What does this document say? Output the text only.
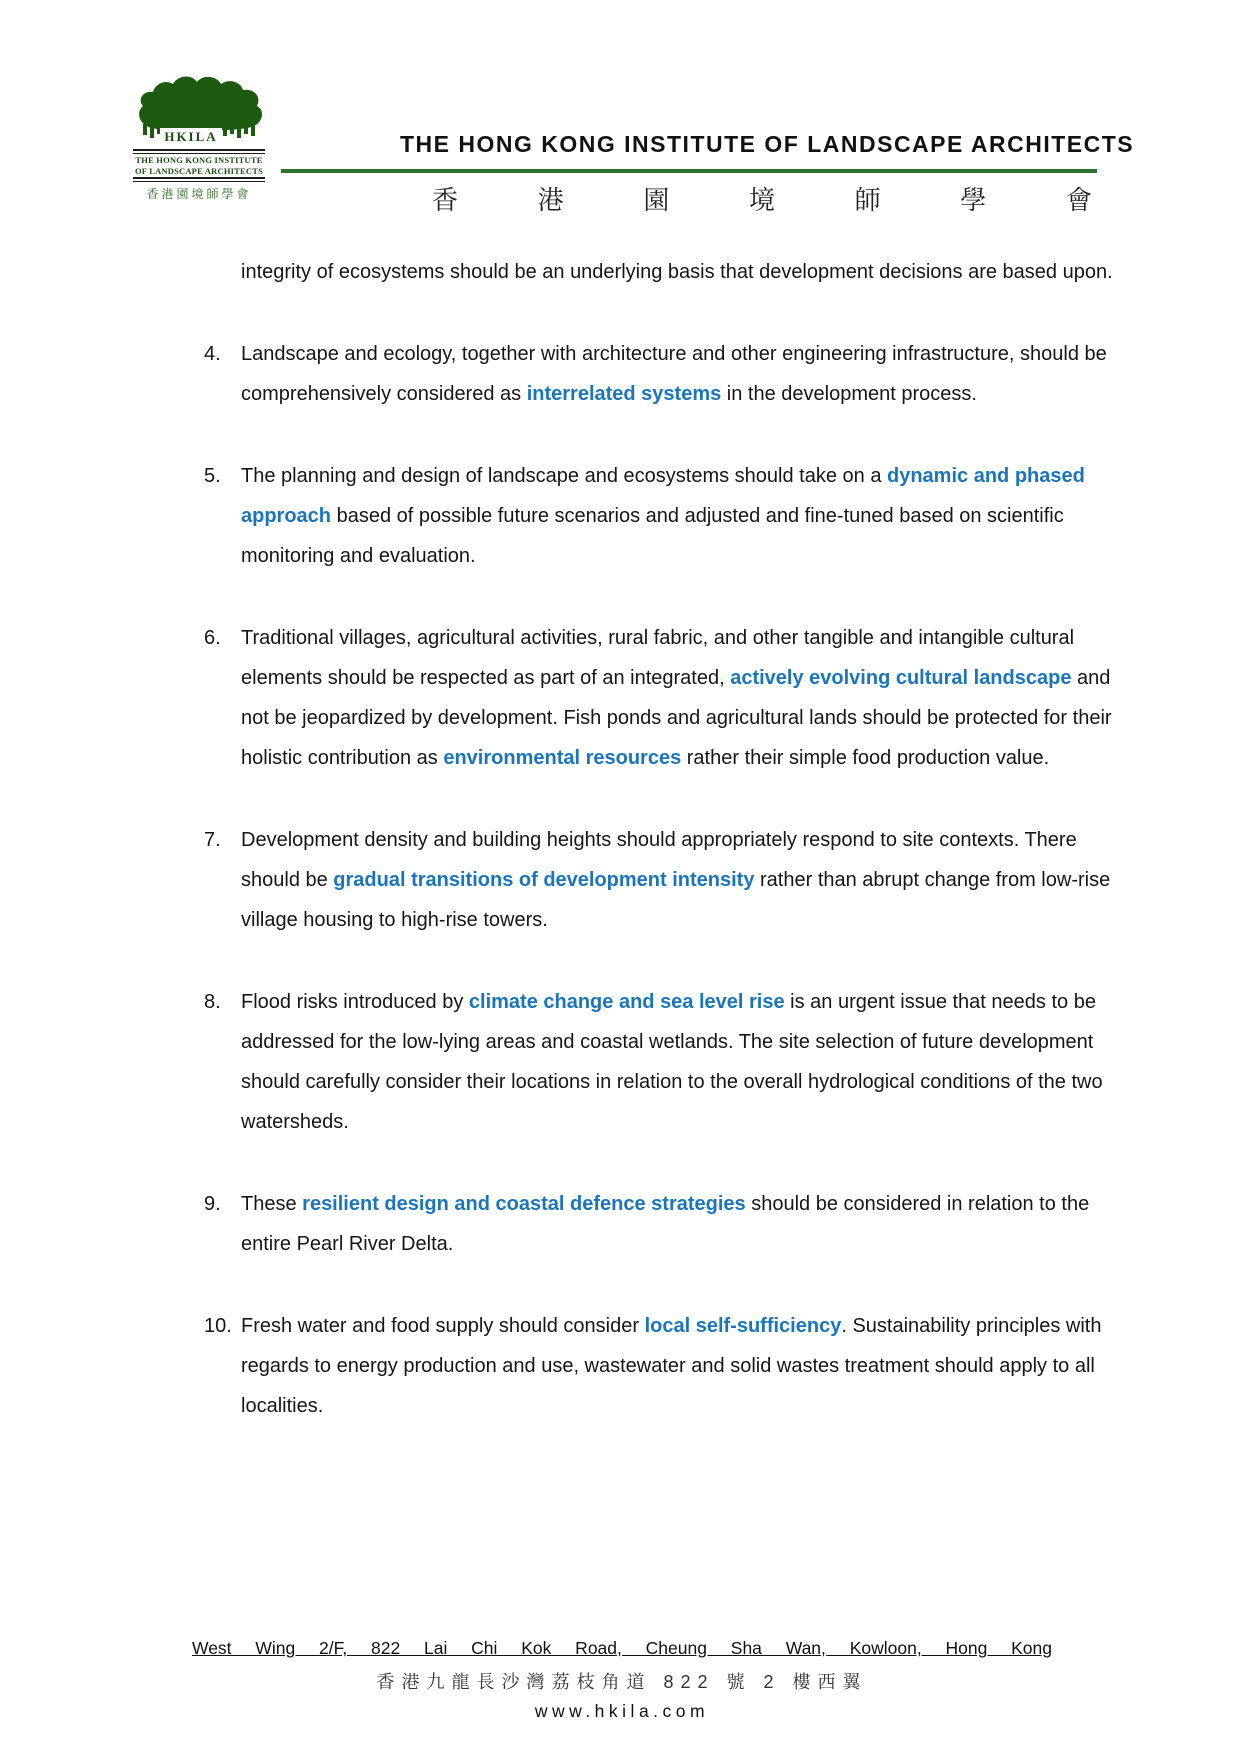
HKILA
THE HONG KONG INSTITUTE
OF LANDSCAPE ARCHITECTS
香港園境師學會
THE HONG KONG INSTITUTE OF LANDSCAPE ARCHITECTS
香	港	園	境	師	學	會
integrity of ecosystems should be an underlying basis that development decisions are based upon.
4. Landscape and ecology, together with architecture and other engineering infrastructure, should be comprehensively considered as interrelated systems in the development process.
5. The planning and design of landscape and ecosystems should take on a dynamic and phased approach based of possible future scenarios and adjusted and fine-tuned based on scientific monitoring and evaluation.
6. Traditional villages, agricultural activities, rural fabric, and other tangible and intangible cultural elements should be respected as part of an integrated, actively evolving cultural landscape and not be jeopardized by development. Fish ponds and agricultural lands should be protected for their holistic contribution as environmental resources rather their simple food production value.
7. Development density and building heights should appropriately respond to site contexts. There should be gradual transitions of development intensity rather than abrupt change from low-rise village housing to high-rise towers.
8. Flood risks introduced by climate change and sea level rise is an urgent issue that needs to be addressed for the low-lying areas and coastal wetlands. The site selection of future development should carefully consider their locations in relation to the overall hydrological conditions of the two watersheds.
9. These resilient design and coastal defence strategies should be considered in relation to the entire Pearl River Delta.
10. Fresh water and food supply should consider local self-sufficiency. Sustainability principles with regards to energy production and use, wastewater and solid wastes treatment should apply to all localities.
West Wing 2/F, 822 Lai Chi Kok Road, Cheung Sha Wan, Kowloon, Hong Kong
香港九龍長沙灣荔枝角道 822 號 2 樓西翼
www.hkila.com
